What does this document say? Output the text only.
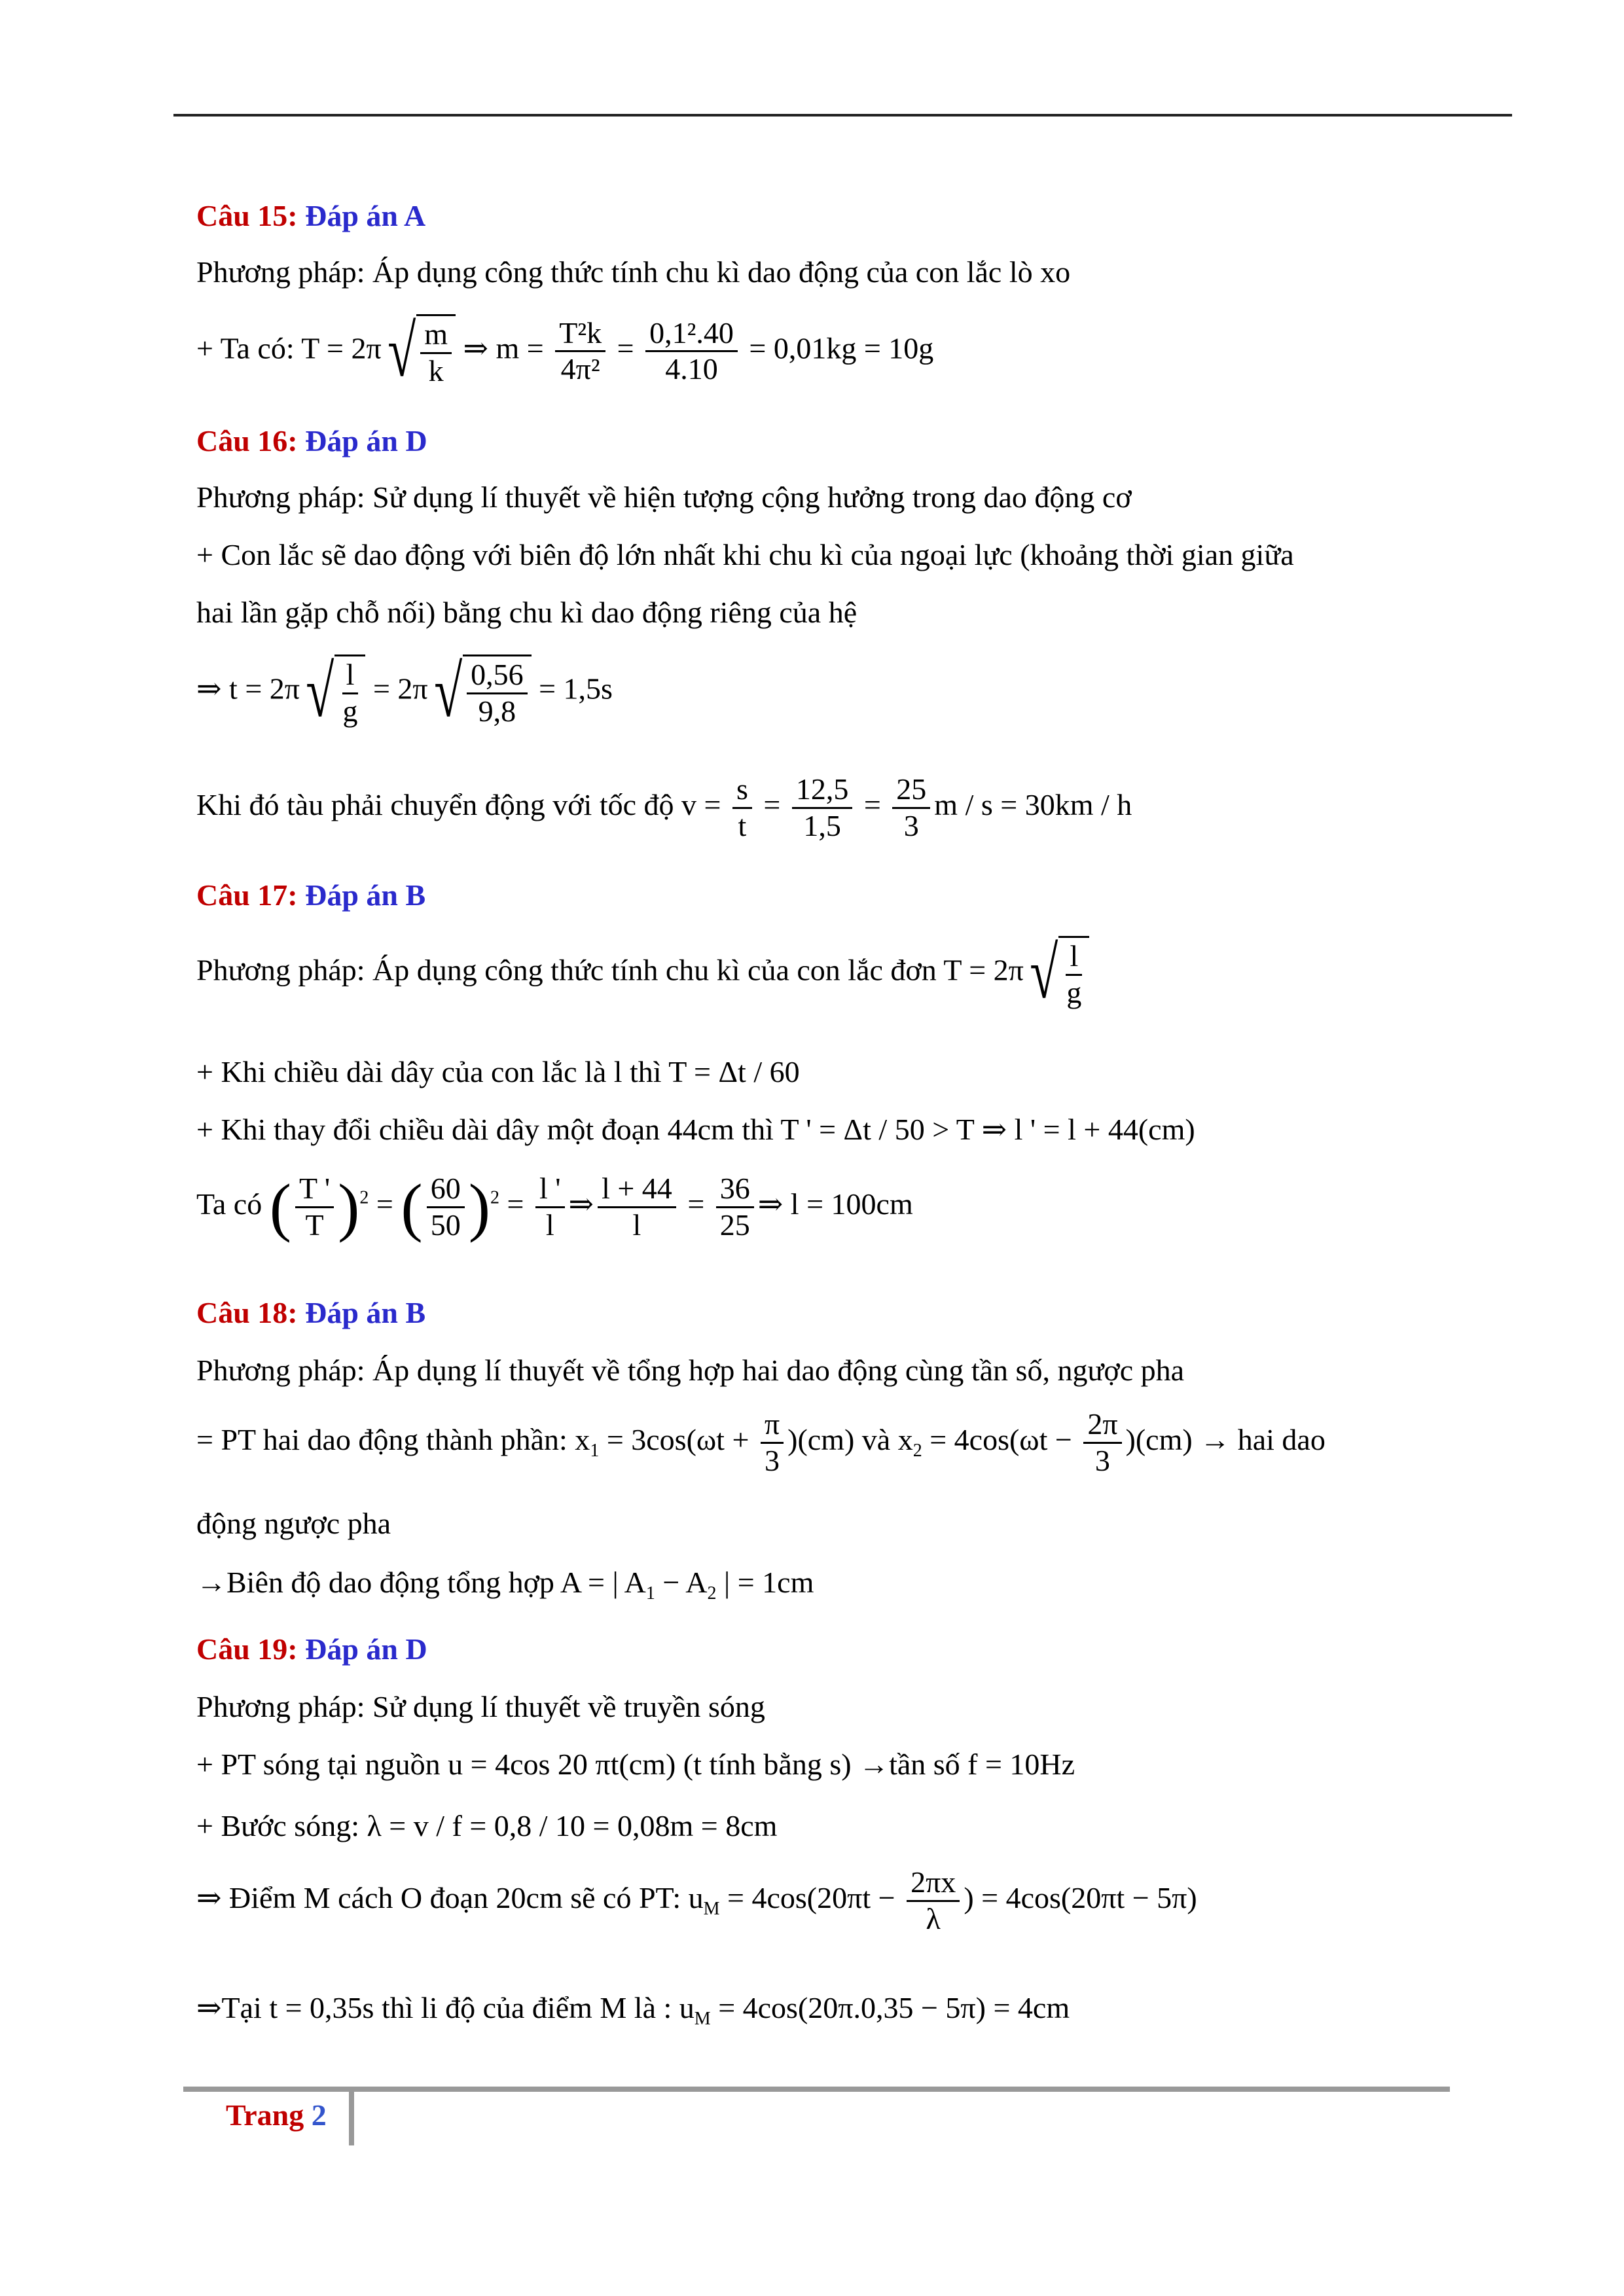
Câu 15: Đáp án A
Phương pháp: Áp dụng công thức tính chu kì dao động của con lắc lò xo
+ Ta có: T = 2π √ $\frac{m}{k}$ ⇒ $m = \frac{\text{T²k}}{\text{4π²}} = \frac{\text{0,1².40}}{4.10} = 0,01kg = 10g$
Câu 16: Đáp án D
Phương pháp: Sử dụng lí thuyết về hiện tượng cộng hưởng trong dao động cơ
+ Con lắc sẽ dao động với biên độ lớn nhất khi chu kì của ngoại lực (khoảng thời gian giữa
hai lần gặp chỗ nối) bằng chu kì dao động riêng của hệ
⇒ t = 2π √ $\frac{l}{g} = 2\pi$ √ $\frac{0,56}{9,8} = 1,5s$
Khi đó tàu phải chuyển động với tốc độ $v = \frac{s}{t} = \frac{12,5}{1,5} = \frac{25}{3}$ m / s = 30km / h
Câu 17: Đáp án B
Phương pháp: Áp dụng công thức tính chu kì của con lắc đơn T = 2π √ $\frac{l}{g}$
+ Khi chiều dài dây của con lắc là l thì T = Δt / 60
+ Khi thay đổi chiều dài dây một đoạn 44cm thì T ' = Δt / 50 > T ⇒ l ' = l + 44(cm)
Ta có ( $\frac{T '}{T} )^2$ = ( $\frac{60}{50} )^2 = \frac{l '}{l}$ ⇒ $\frac{l + 44}{l} = \frac{36}{25}$ ⇒ l = 100cm
Câu 18: Đáp án B
Phương pháp: Áp dụng lí thuyết về tổng hợp hai dao động cùng tần số, ngược pha
= PT hai dao động thành phần: $x_1 = 3\cos(\omega t + \frac{\pi}{3} )(cm)$ và $x_2 = 4\cos(\omega t - \frac{2\pi}{3} )(cm)$ → hai dao
động ngược pha
→Biên độ dao động tổng hợp A = | $A_1 - A_2$ | = 1cm
Câu 19: Đáp án D
Phương pháp: Sử dụng lí thuyết về truyền sóng
+ PT sóng tại nguồn u = 4cos 20 πt(cm) (t tính bằng s) →tần số f = 10Hz
+ Bước sóng: λ = v / f = 0,8 / 10 = 0,08m = 8cm
⇒ Điểm M cách O đoạn 20cm sẽ có PT: $u_M = 4\cos(20\pi t - \frac{2\pi x}{\lambda}$ ) = 4cos(20πt − 5π)
⇒Tại t = 0,35s thì li độ của điểm M là : $u_M = 4\cos(20\pi.0,35 - 5\pi) = 4cm$
Trang 2
